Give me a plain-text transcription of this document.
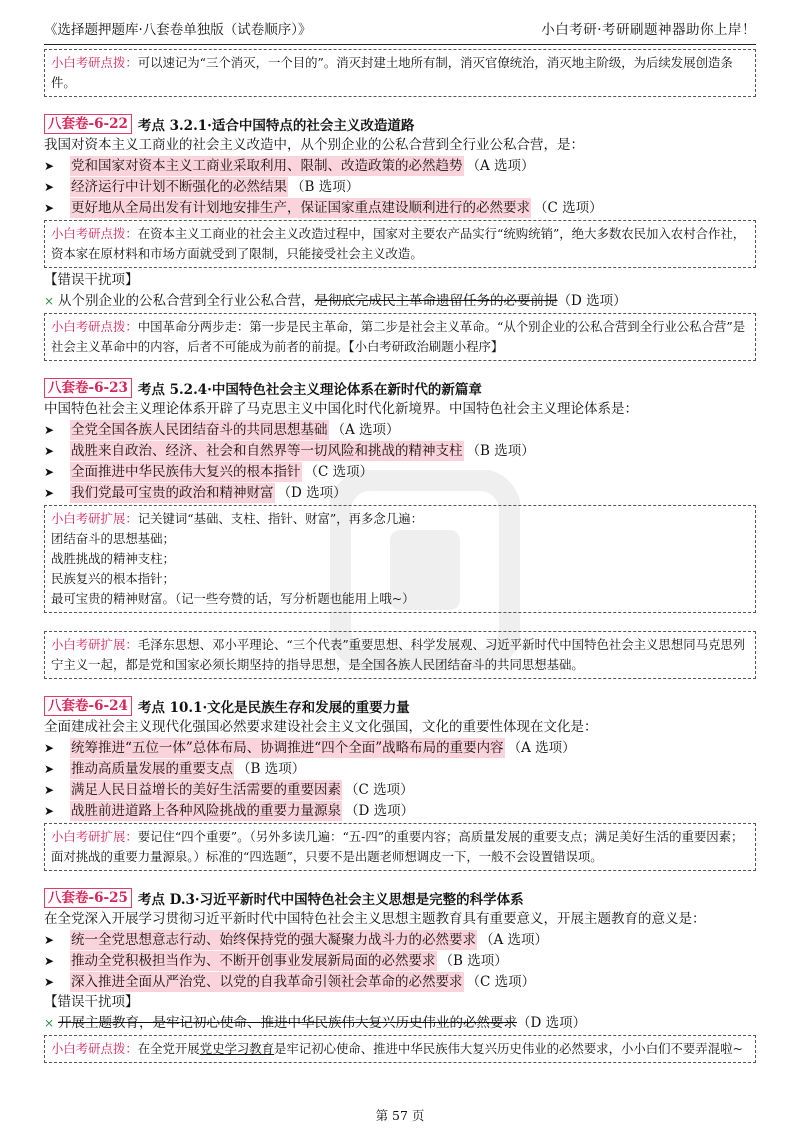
《选择题押题库·八套卷单独版（试卷顺序）》	小白考研·考研刷题神器助你上岸！
小白考研点拨：可以速记为“三个消灭，一个目的”。消灭封建土地所有制，消灭官僚统治，消灭地主阶级，为后续发展创造条件。
八套卷-6-22 考点 3.2.1·适合中国特点的社会主义改造道路
我国对资本主义工商业的社会主义改造中，从个别企业的公私合营到全行业公私合营，是：
➤	党和国家对资本主义工商业采取利用、限制、改造政策的必然趋势 （A 选项）
➤	经济运行中计划不断强化的必然结果 （B 选项）
➤	更好地从全局出发有计划地安排生产，保证国家重点建设顺利进行的必然要求 （C 选项）
小白考研点拨：在资本主义工商业的社会主义改造过程中，国家对主要农产品实行“统购统销”，绝大多数农民加入农村合作社，资本家在原材料和市场方面就受到了限制，只能接受社会主义改造。
【错误干扰项】
× 从个别企业的公私合营到全行业公私合营， 是彻底完成民主革命遗留任务的必要前提 （D 选项）
小白考研点拨：中国革命分两步走：第一步是民主革命，第二步是社会主义革命。“从个别企业的公私合营到全行业公私合营”是社会主义革命中的内容，后者不可能成为前者的前提。【小白考研政治刷题小程序】
八套卷-6-23 考点 5.2.4·中国特色社会主义理论体系在新时代的新篇章
中国特色社会主义理论体系开辟了马克思主义中国化时代化新境界。中国特色社会主义理论体系是：
➤	全党全国各族人民团结奋斗的共同思想基础 （A 选项）
➤	战胜来自政治、经济、社会和自然界等一切风险和挑战的精神支柱 （B 选项）
➤	全面推进中华民族伟大复兴的根本指针 （C 选项）
➤	我们党最可宝贵的政治和精神财富 （D 选项）
小白考研扩展：记关键词“基础、支柱、指针、财富”，再多念几遍：
团结奋斗的思想基础；
战胜挑战的精神支柱；
民族复兴的根本指针；
最可宝贵的精神财富。（记一些夸赞的话，写分析题也能用上哦~）
小白考研扩展：毛泽东思想、邓小平理论、“三个代表”重要思想、科学发展观、习近平新时代中国特色社会主义思想同马克思列宁主义一起，都是党和国家必须长期坚持的指导思想，是全国各族人民团结奋斗的共同思想基础。
八套卷-6-24 考点 10.1·文化是民族生存和发展的重要力量
全面建成社会主义现代化强国必然要求建设社会主义文化强国，文化的重要性体现在文化是：
➤	统筹推进“五位一体”总体布局、协调推进“四个全面”战略布局的重要内容 （A 选项）
➤	推动高质量发展的重要支点 （B 选项）
➤	满足人民日益增长的美好生活需要的重要因素 （C 选项）
➤	战胜前进道路上各种风险挑战的重要力量源泉 （D 选项）
小白考研扩展：要记住“四个重要”。（另外多读几遍：“五-四”的重要内容；高质量发展的重要支点；满足美好生活的重要因素；面对挑战的重要力量源泉。）标准的“四选题”，只要不是出题老师想调皮一下，一般不会设置错误项。
八套卷-6-25 考点 D.3·习近平新时代中国特色社会主义思想是完整的科学体系
在全党深入开展学习贯彻习近平新时代中国特色社会主义思想主题教育具有重要意义，开展主题教育的意义是：
➤	统一全党思想意志行动、始终保持党的强大凝聚力战斗力的必然要求 （A 选项）
➤	推动全党积极担当作为、不断开创事业发展新局面的必然要求 （B 选项）
➤	深入推进全面从严治党、以党的自我革命引领社会革命的必然要求 （C 选项）
【错误干扰项】
× 开展主题教育，是牢记初心使命、推进中华民族伟大复兴历史伟业的必然要求 （D 选项）
小白考研点拨：在全党开展党史学习教育是牢记初心使命、推进中华民族伟大复兴历史伟业的必然要求，小小白们不要弄混啦~
第 57 页
